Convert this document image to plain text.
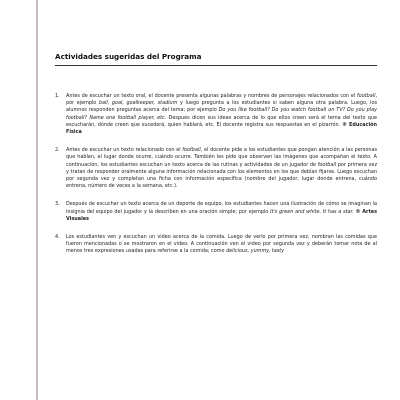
Actividades sugeridas del Programa
1. Antes de escuchar un texto oral, el docente presenta algunas palabras y nombres de personajes relacionados con el football, por ejemplo ball, goal, goalkeeper, stadium y luego pregunta a los estudiantes si saben alguna otra palabra. Luego, los alumnos responden preguntas acerca del tema; por ejemplo Do you like football? Do you watch football on TV? Do you play football? Name one football player, etc. Después dicen sus ideas acerca de lo que ellos creen será el tema del texto que escucharán, dónde creen que sucederá, quien hablará, etc. El docente registra sus respuestas en el pizarrón. ® Educación Física
2. Antes de escuchar un texto relacionado con el football, el docente pide a los estudiantes que pongan atención a las personas que hablan, el lugar donde ocurre, cuándo ocurre. También les pide que observen las imágenes que acompañan el texto. A continuación, los estudiantes escuchan un texto acerca de las rutinas y actividades de un jugador de football por primera vez y tratan de responder oralmente alguna información relacionada con los elementos en los que debían fijarse. Luego escuchan por segunda vez y completan una ficha con información específica (nombre del jugador, lugar donde entrena, cuándo entrena, número de veces a la semana, etc.).
3. Después de escuchar un texto acerca de un deporte de equipo, los estudiantes hacen una ilustración de cómo se imaginan la insignia del equipo del jugador y la describen en una oración simple; por ejemplo It's green and white. It has a star. ® Artes Visuales
4. Los estudiantes ven y escuchan un video acerca de la comida. Luego de verlo por primera vez, nombran las comidas que fueron mencionadas o se mostraron en el video. A continuación ven el video por segunda vez y deberán tomar nota de al menos tres expresiones usadas para referirse a la comida; como delicious, yummy, tasty
